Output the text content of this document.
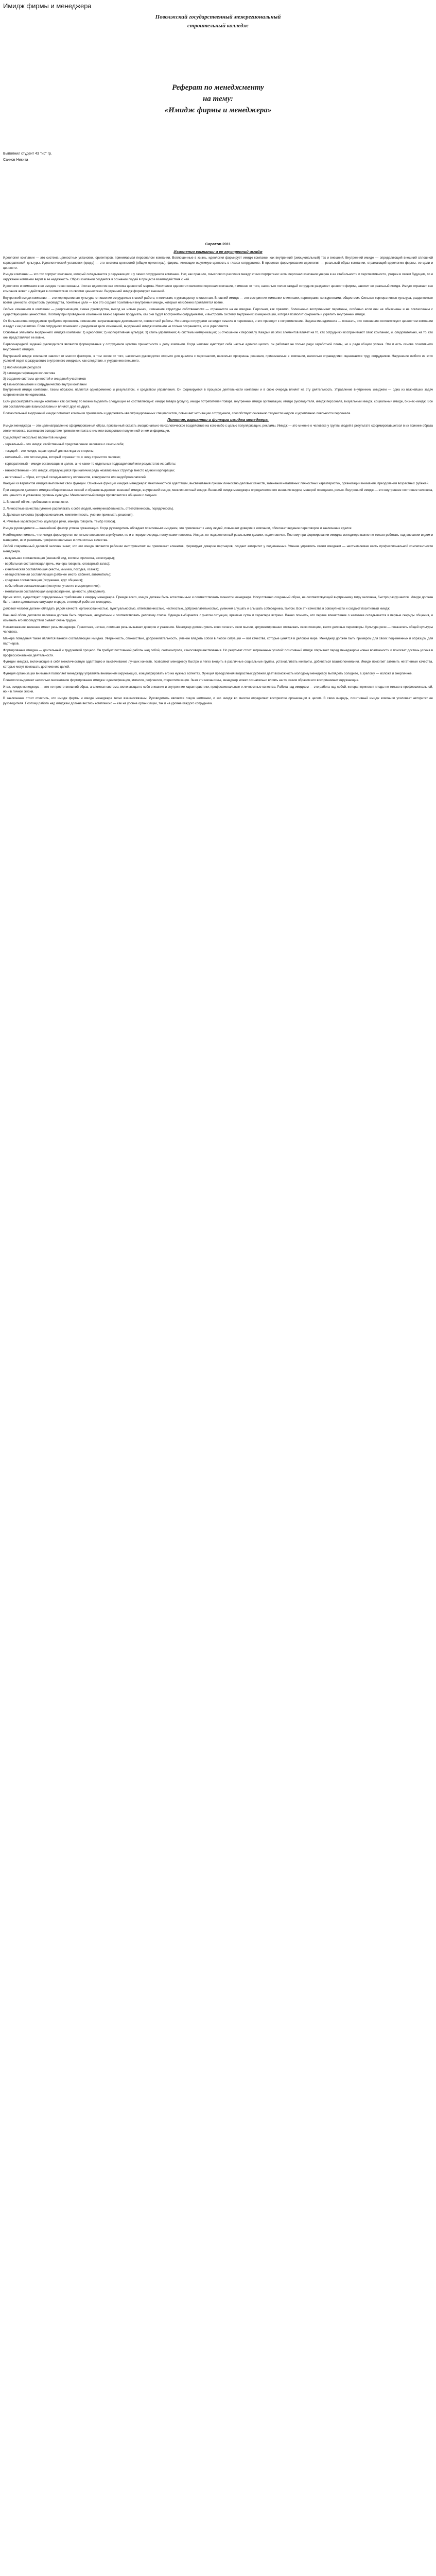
Имидж фирмы и менеджера
Поволжский государственный межрегиональный
строительный колледж
Реферат по менеджменту
на тему:
«Имидж фирмы и менеджера»
Выполнил студент 4З "ис" гр.
Санков Никита
Саратов 2011
Изменения компании и ее внутренний имидж

Идеология компании — это система ценностных установок, ориентиров, принимаемая персоналом компании. Воплощенные в жизнь, идеология формирует имидж компании как внутренний (эмоциональный) так и внешний. Внутренний имидж — определяющий внешний сплошной корпоративной культуры. Идеологический установки (кредо) — это система ценностей (общие ориентиры), фирмы, имеющие ощутимую ценность в глазах сотрудников. В процессе формирования идеология — реальный образ компании, отражающий идеологию фирмы, ее цели и ценности.

Имидж компании — это тот портрет компании, который складывается у окружающих и у самих сотрудников компании. Нет, как правило, смыслового различия между этими портретами: если персонал компании уверен в ее стабильности и перспективности, уверен в своем будущем, то и окружение компании верит в ее надежность. Образ компании создается в сознании людей в процессе взаимодействия с ней.

Идеология и компания в ее имидже тесно связаны. Чистая идеология как система ценностей мертва. Носителем идеологии является персонал компании, и именно от того, насколько полно каждый сотрудник разделяет ценности фирмы, зависит ее реальный имидж. Имидж отражает, как компания живет и действует в соответствии со своими ценностями. Внутренний имидж формирует внешний.

Внутренний имидж компании — это корпоративная культура, отношение сотрудников к своей работе, к коллегам, к руководству, к клиентам. Внешний имидж — это восприятие компании клиентами, партнерами, конкурентами, обществом. Сильная корпоративная культура, разделяемые всеми ценности, открытость руководства, понятные цели — все это создает позитивный внутренний имидж, который неизбежно проявляется вовне.

Любые изменения в компании — реорганизация, смена руководства, выход на новые рынки, изменение структуры собственности — отражаются на ее имидже. Персонал, как правило, болезненно воспринимает перемены, особенно если они не объяснены и не согласованы с существующими ценностями. Поэтому при проведении изменений важно заранее продумать, как они будут восприняты сотрудниками, и выстроить систему внутренних коммуникаций, которая позволит сохранить и укрепить внутренний имидж.

От большинства сотрудников требуется проявлять изменения, затрагивающие деятельности, совместной работы. Но иногда сотрудники не видят смысла в переменах, и это приводит к сопротивлению. Задача менеджмента — показать, что изменения соответствуют ценностям компании и ведут к ее развитию. Если сотрудники понимают и разделяют цели изменений, внутренний имидж компании не только сохраняется, но и укрепляется.

Основные элементы внутреннего имиджа компании: 1) идеология; 2) корпоративная культура; 3) стиль управления; 4) система коммуникаций; 5) отношение к персоналу. Каждый из этих элементов влияет на то, как сотрудники воспринимают свою компанию, и, следовательно, на то, как они представляют ее вовне.

Первоочередной задачей руководителя является формирование у сотрудников чувства причастности к делу компании. Когда человек чувствует себя частью единого целого, он работает не только ради заработной платы, но и ради общего успеха. Это и есть основа позитивного внутреннего имиджа.

Внутренний имидж компании зависит от многих факторов, в том числе от того, насколько руководство открыто для диалога с персоналом, насколько прозрачны решения, принимаемые в компании, насколько справедливо оценивается труд сотрудников. Нарушение любого из этих условий ведет к разрушению внутреннего имиджа и, как следствие, к ухудшению внешнего.

1) мобилизация ресурсов

2) самоидентификация коллектива

3) создание системы ценностей и ожиданий участников

4) взаимопонимание и сотрудничество внутри компании

Внутренний имидж компании, таким образом, является одновременно и результатом, и средством управления. Он формируется в процессе деятельности компании и в свою очередь влияет на эту деятельность. Управление внутренним имиджем — одна из важнейших задач современного менеджмента.

Если рассматривать имидж компании как систему, то можно выделить следующие ее составляющие: имидж товара (услуги), имидж потребителей товара, внутренний имидж организации, имидж руководителя, имидж персонала, визуальный имидж, социальный имидж, бизнес-имидж. Все эти составляющие взаимосвязаны и влияют друг на друга.

Положительный внутренний имидж помогает компании привлекать и удерживать квалифицированных специалистов, повышает мотивацию сотрудников, способствует снижению текучести кадров и укреплению лояльности персонала.

Понятие, варианты и функции имиджа менеджера.

Имидж менеджера — это целенаправленно сформированный образ, призванный оказать эмоционально-психологическое воздействие на кого-либо с целью популяризации, рекламы. Имидж — это мнение о человеке у группы людей в результате сформировавшегося в их психике образа этого человека, возникшего вследствие прямого контакта с ним или вследствие полученной о нем информации.

Существуют несколько вариантов имиджа:

- зеркальный – это имидж, свойственный представлению человека о самом себе;

- текущий – это имидж, характерный для взгляда со стороны;

- желаемый – это тип имиджа, который отражает то, к чему стремится человек;

- корпоративный – имидж организации в целом, а не каких-то отдельных подразделений или результатов их работы;

- множественный – это имидж, образующийся при наличии ряда независимых структур вместо единой корпорации;

- негативный – образ, который складывается у оппонентов, конкурентов или недоброжелателей.

Каждый из вариантов имиджа выполняет свои функции. Основные функции имиджа менеджера: межличностной адаптации, высвечивания лучших личностно-деловых качеств, затенения негативных личностных характеристик, организации внимания, преодоления возрастных рубежей.

При введении делового имиджа общественных связей и образов выделяют: внешний имидж, внутренний имидж, межличностный имидж. Внешний имидж менеджера определяется его внешним видом, манерой поведения, речью. Внутренний имидж — это внутреннее состояние человека, его ценности и установки, уровень культуры. Межличностный имидж проявляется в общении с людьми.

1. Внешний облик, требования к внешности.

2. Личностные качества (умение располагать к себе людей, коммуникабельность, ответственность, порядочность).

3. Деловые качества (профессионализм, компетентность, умение принимать решения).

4. Речевые характеристики (культура речи, манера говорить, тембр голоса).

Имидж руководителя — важнейший фактор успеха организации. Когда руководитель обладает позитивным имиджем, это привлекает к нему людей, повышает доверие к компании, облегчает ведение переговоров и заключение сделок.

Необходимо помнить, что имидж формируется не только внешними атрибутами, но и в первую очередь поступками человека. Имидж, не подкрепленный реальными делами, недолговечен. Поэтому при формировании имиджа менеджера важно не только работать над внешним видом и манерами, но и развивать профессиональные и личностные качества.

Любой современный деловой человек знает, что его имидж является рабочим инструментом: он привлекает клиентов, формирует доверие партнеров, создает авторитет у подчиненных. Умение управлять своим имиджем — неотъемлемая часть профессиональной компетентности менеджера.

- визуальная составляющая (внешний вид, костюм, прическа, аксессуары);

- вербальная составляющая (речь, манера говорить, словарный запас);

- кинетическая составляющая (жесты, мимика, походка, осанка);

- овеществленная составляющая (рабочее место, кабинет, автомобиль);

- средовая составляющая (окружение, круг общения);

- событийная составляющая (поступки, участие в мероприятиях);

- ментальная составляющая (мировоззрение, ценности, убеждения).

Кроме этого, существуют определенные требования к имиджу менеджера. Прежде всего, имидж должен быть естественным и соответствовать личности менеджера. Искусственно созданный образ, не соответствующий внутреннему миру человека, быстро разрушается. Имидж должен быть также адекватным ситуации и среде, в которой работает менеджер.

Деловой человек должен обладать рядом качеств: организованностью, пунктуальностью, ответственностью, честностью, доброжелательностью, умением слушать и слышать собеседника, тактом. Все эти качества в совокупности и создают позитивный имидж.

Внешний облик делового человека должен быть опрятным, аккуратным и соответствовать деловому стилю. Одежда выбирается с учетом ситуации, времени суток и характера встречи. Важно помнить, что первое впечатление о человеке складывается в первые секунды общения, и изменить его впоследствии бывает очень трудно.

Немаловажное значение имеет речь менеджера. Грамотная, четкая, логичная речь вызывает доверие и уважение. Менеджер должен уметь ясно излагать свои мысли, аргументированно отстаивать свою позицию, вести деловые переговоры. Культура речи — показатель общей культуры человека.

Манера поведения также является важной составляющей имиджа. Уверенность, спокойствие, доброжелательность, умение владеть собой в любой ситуации — вот качества, которые ценятся в деловом мире. Менеджер должен быть примером для своих подчиненных и образцом для партнеров.

Формирование имиджа — длительный и трудоемкий процесс. Он требует постоянной работы над собой, самоконтроля, самосовершенствования. Но результат стоит затраченных усилий: позитивный имидж открывает перед менеджером новые возможности и помогает достичь успеха в профессиональной деятельности.

Функции имиджа, включающие в себя межличностную адаптацию и высвечивание лучших качеств, позволяют менеджеру быстро и легко входить в различные социальные группы, устанавливать контакты, добиваться взаимопонимания. Имидж помогает затенить негативные качества, которые могут помешать достижению целей.

Функция организации внимания позволяет менеджеру управлять вниманием окружающих, концентрировать его на нужных аспектах. Функция преодоления возрастных рубежей дает возможность молодому менеджеру выглядеть солиднее, а зрелому — моложе и энергичнее.

Психологи выделяют несколько механизмов формирования имиджа: идентификация, эмпатия, рефлексия, стереотипизация. Зная эти механизмы, менеджер может сознательно влиять на то, каким образом его воспринимают окружающие.

Итак, имидж менеджера — это не просто внешний образ, а сложная система, включающая в себя внешние и внутренние характеристики, профессиональные и личностные качества. Работа над имиджем — это работа над собой, которая приносит плоды не только в профессиональной, но и в личной жизни.

В заключение стоит отметить, что имидж фирмы и имидж менеджера тесно взаимосвязаны. Руководитель является лицом компании, и его имидж во многом определяет восприятие организации в целом. В свою очередь, позитивный имидж компании усиливает авторитет ее руководителя. Поэтому работа над имиджем должна вестись комплексно — как на уровне организации, так и на уровне каждого сотрудника.
